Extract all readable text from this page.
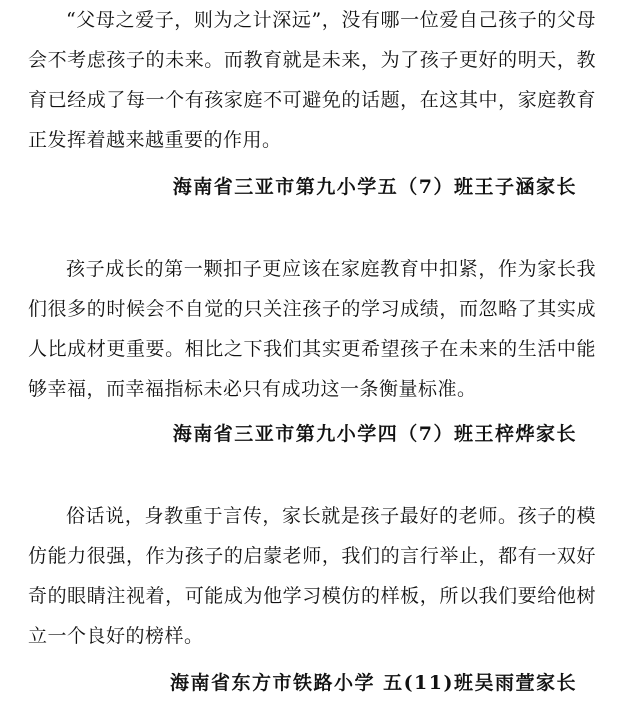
“父母之爱子，则为之计深远”，没有哪一位爱自己孩子的父母会不考虑孩子的未来。而教育就是未来，为了孩子更好的明天，教育已经成了每一个有孩家庭不可避免的话题，在这其中，家庭教育正发挥着越来越重要的作用。

海南省三亚市第九小学五（7）班王子涵家长

孩子成长的第一颗扣子更应该在家庭教育中扣紧，作为家长我们很多的时候会不自觉的只关注孩子的学习成绩，而忽略了其实成人比成材更重要。相比之下我们其实更希望孩子在未来的生活中能够幸福，而幸福指标未必只有成功这一条衡量标准。

海南省三亚市第九小学四（7）班王梓烨家长

俗话说，身教重于言传，家长就是孩子最好的老师。孩子的模仿能力很强，作为孩子的启蒙老师，我们的言行举止，都有一双好奇的眼睛注视着，可能成为他学习模仿的样板，所以我们要给他树立一个良好的榜样。

海南省东方市铁路小学 五(11)班吴雨萱家长
